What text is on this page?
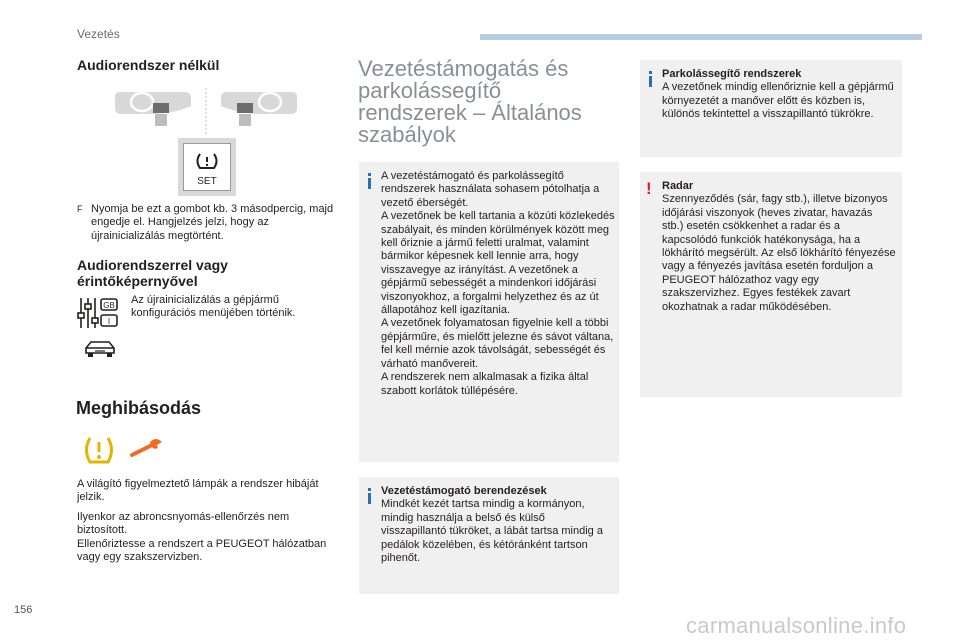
Vezetés
Audiorendszer nélkül
SET
F Nyomja be ezt a gombot kb. 3 másodpercig, majd engedje el. Hangjelzés jelzi, hogy az újrainicializálás megtörtént.
Audiorendszerrel vagy érintőképernyővel
GB
I
Az újrainicializálás a gépjármű konfigurációs menüjében történik.
Meghibásodás
A világító figyelmeztető lámpák a rendszer hibáját jelzik.
Ilyenkor az abroncsnyomás-ellenőrzés nem biztosított.
Ellenőriztesse a rendszert a PEUGEOT hálózatban vagy egy szakszervizben.
Vezetéstámogatás és parkolássegítő rendszerek – Általános szabályok
A vezetéstámogató és parkolássegítő rendszerek használata sohasem pótolhatja a vezető éberségét.
A vezetőnek be kell tartania a közúti közlekedés szabályait, és minden körülmények között meg kell őriznie a jármű feletti uralmat, valamint bármikor képesnek kell lennie arra, hogy visszavegye az irányítást. A vezetőnek a gépjármű sebességét a mindenkori időjárási viszonyokhoz, a forgalmi helyzethez és az út állapotához kell igazítania.
A vezetőnek folyamatosan figyelnie kell a többi gépjárműre, és mielőtt jelezne és sávot váltana, fel kell mérnie azok távolságát, sebességét és várható manővereit.
A rendszerek nem alkalmasak a fizika által szabott korlátok túllépésére.
Vezetéstámogató berendezések
Mindkét kezét tartsa mindig a kormányon, mindig használja a belső és külső visszapillantó tükröket, a lábát tartsa mindig a pedálok közelében, és kétóránként tartson pihenőt.
Parkolássegítő rendszerek
A vezetőnek mindig ellenőriznie kell a gépjármű környezetét a manőver előtt és közben is, különös tekintettel a visszapillantó tükrökre.
! Radar
Szennyeződés (sár, fagy stb.), illetve bizonyos időjárási viszonyok (heves zivatar, havazás stb.) esetén csökkenhet a radar és a kapcsolódó funkciók hatékonysága, ha a lökhárító megsérült. Az első lökhárító fényezése vagy a fényezés javítása esetén forduljon a PEUGEOT hálózathoz vagy egy szakszervizhez. Egyes festékek zavart okozhatnak a radar működésében.
156
carmanualsonline.info
